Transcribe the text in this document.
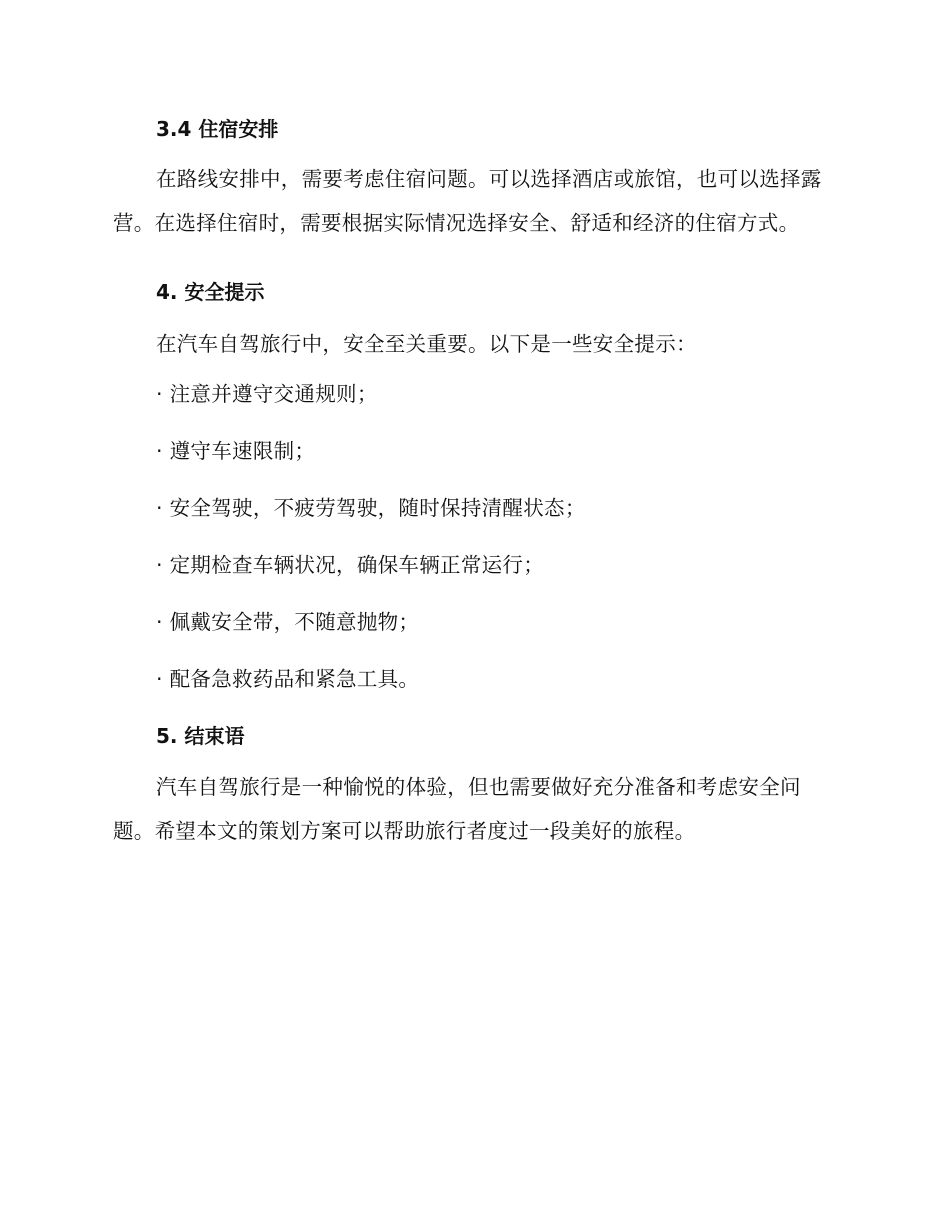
3.4 住宿安排

在路线安排中，需要考虑住宿问题。可以选择酒店或旅馆，也可以选择露营。在选择住宿时，需要根据实际情况选择安全、舒适和经济的住宿方式。

4. 安全提示

在汽车自驾旅行中，安全至关重要。以下是一些安全提示：

· 注意并遵守交通规则；

· 遵守车速限制；

· 安全驾驶，不疲劳驾驶，随时保持清醒状态；

· 定期检查车辆状况，确保车辆正常运行；

· 佩戴安全带，不随意抛物；

· 配备急救药品和紧急工具。

5. 结束语

汽车自驾旅行是一种愉悦的体验，但也需要做好充分准备和考虑安全问题。希望本文的策划方案可以帮助旅行者度过一段美好的旅程。
